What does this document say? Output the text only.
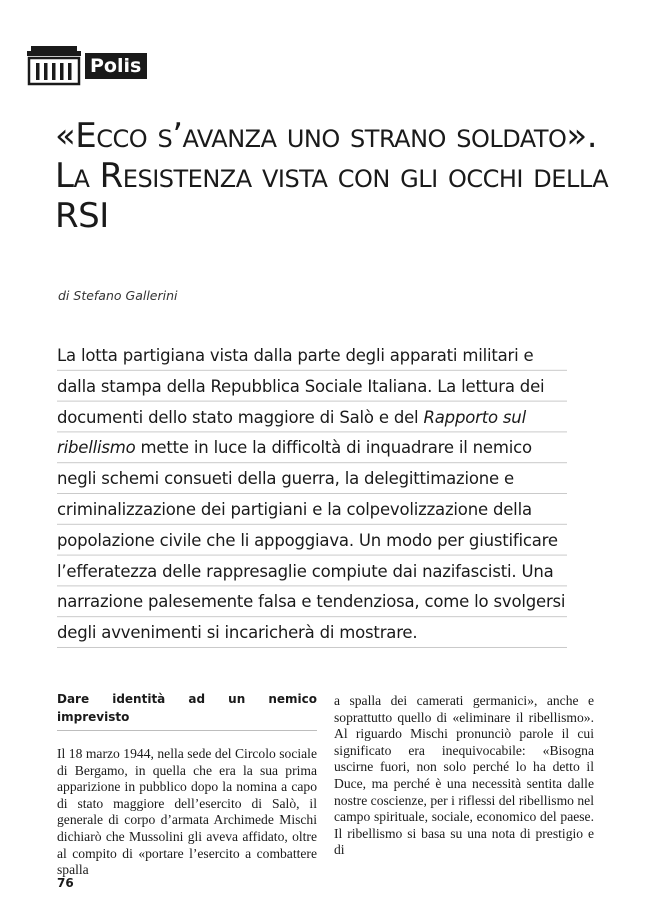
Polis
«Ecco s’avanza uno strano soldato». La Resistenza vista con gli occhi della RSI
di Stefano Gallerini

La lotta partigiana vista dalla parte degli apparati militari e dalla stampa della Repubblica Sociale Italiana. La lettura dei documenti dello stato maggiore di Salò e del Rapporto sul ribellismo mette in luce la difficoltà di inquadrare il nemico negli schemi consueti della guerra, la delegittimazione e criminalizzazione dei partigiani e la colpevolizzazione della popolazione civile che li appoggiava. Un modo per giustificare l’efferatezza delle rappresaglie compiute dai nazifascisti. Una narrazione palesemente falsa e tendenziosa, come lo svolgersi degli avvenimenti si incaricherà di mostrare.

Dare identità ad un nemico imprevisto

Il 18 marzo 1944, nella sede del Circolo sociale di Bergamo, in quella che era la sua prima apparizione in pubblico dopo la nomina a capo di stato maggiore dell’esercito di Salò, il generale di corpo d’armata Archimede Mischi dichiarò che Mussolini gli aveva affidato, oltre al compito di «portare l’esercito a combattere spalla

a spalla dei camerati germanici», anche e soprattutto quello di «eliminare il ribellismo». Al riguardo Mischi pronunciò parole il cui significato era inequivocabile: «Bisogna uscirne fuori, non solo perché lo ha detto il Duce, ma perché è una necessità sentita dalle nostre coscienze, per i riflessi del ribellismo nel campo spirituale, sociale, economico del paese. Il ribellismo si basa su una nota di prestigio e di

76
